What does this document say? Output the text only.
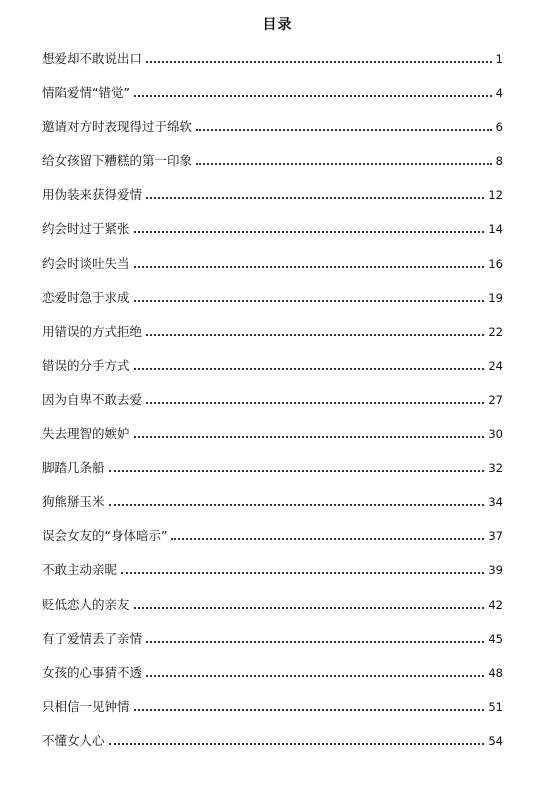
目录
想爱却不敢说出口	1
情陷爱情“错觉”	4
邀请对方时表现得过于绵软	6
给女孩留下糟糕的第一印象	8
用伪装来获得爱情	12
约会时过于紧张	14
约会时谈吐失当	16
恋爱时急于求成	19
用错误的方式拒绝	22
错误的分手方式	24
因为自卑不敢去爱	27
失去理智的嫉妒	30
脚踏几条船	32
狗熊掰玉米	34
误会女友的“身体暗示”	37
不敢主动亲昵	39
贬低恋人的亲友	42
有了爱情丢了亲情	45
女孩的心事猜不透	48
只相信一见钟情	51
不懂女人心	54
